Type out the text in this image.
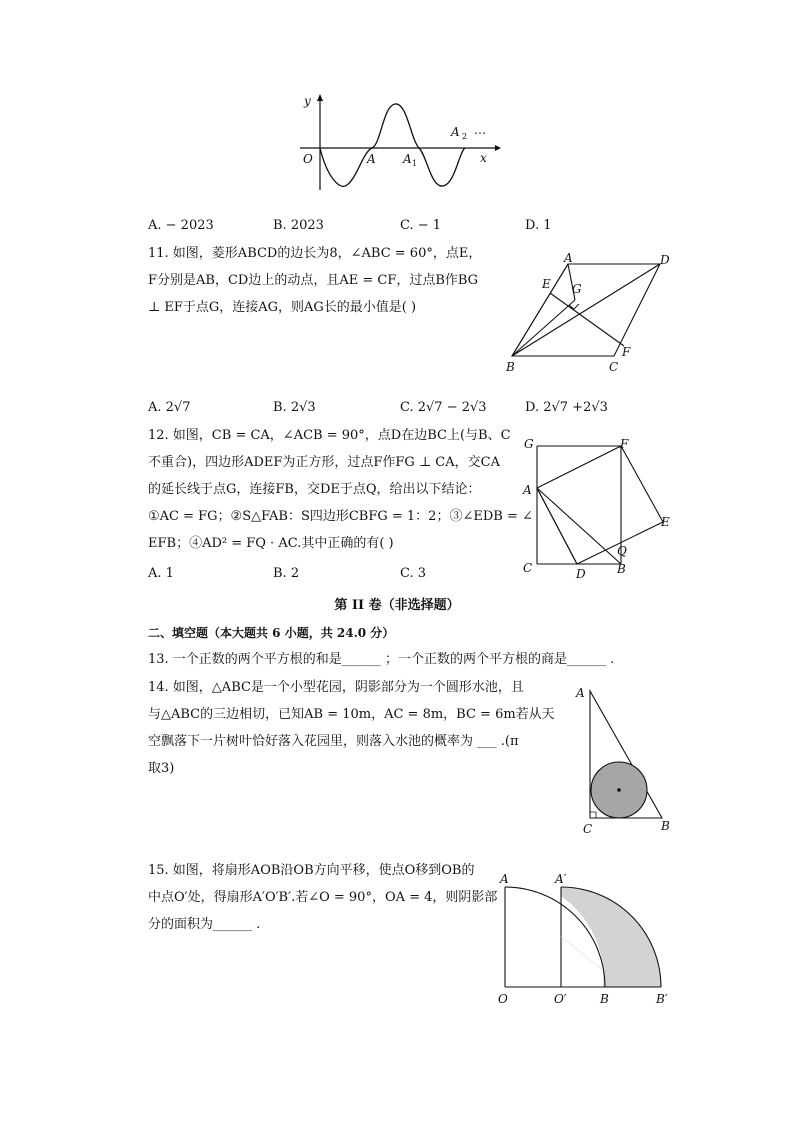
y
x
O	A A 1
A 2 …
A. − 2023	B. 2023	C. − 1	D. 1
11. 如图，菱形ABCD的边长为8，∠ABC = 60°，点E，
F分别是AB，CD边上的动点，且AE = CF，过点B作BG
⊥ EF于点G，连接AG，则AG长的最小值是( )
A	D
E G
F
B	C
A. 2√7	B. 2√3	C. 2√7 − 2√3	D. 2√7 +2√3
12. 如图，CB = CA，∠ACB = 90°，点D在边BC上(与B、C
不重合)，四边形ADEF为正方形，过点F作FG ⊥ CA，交CA
的延长线于点G，连接FB，交DE于点Q，给出以下结论：
①AC = FG；②S△FAB：S四边形CBFG = 1：2；③∠EDB = ∠
EFB；④AD² = FQ · AC.其中正确的有( )
G	F
A
E
Q
C	D	B
A. 1	B. 2	C. 3
第 II 卷（非选择题）
二、填空题（本大题共 6 小题，共 24.0 分）
13. 一个正数的两个平方根的和是______ ；一个正数的两个平方根的商是______ .
14. 如图，△ABC是一个小型花园，阴影部分为一个圆形水池，且
与△ABC的三边相切，已知AB = 10m，AC = 8m，BC = 6m若从天
空飘落下一片树叶恰好落入花园里，则落入水池的概率为 ___ .(π
取3)
A
C	B
15. 如图，将扇形AOB沿OB方向平移，使点O移到OB的
中点O′处，得扇形A′O′B′.若∠O = 90°，OA = 4，则阴影部
分的面积为______ .
A	A′
O	O′	B	B′
